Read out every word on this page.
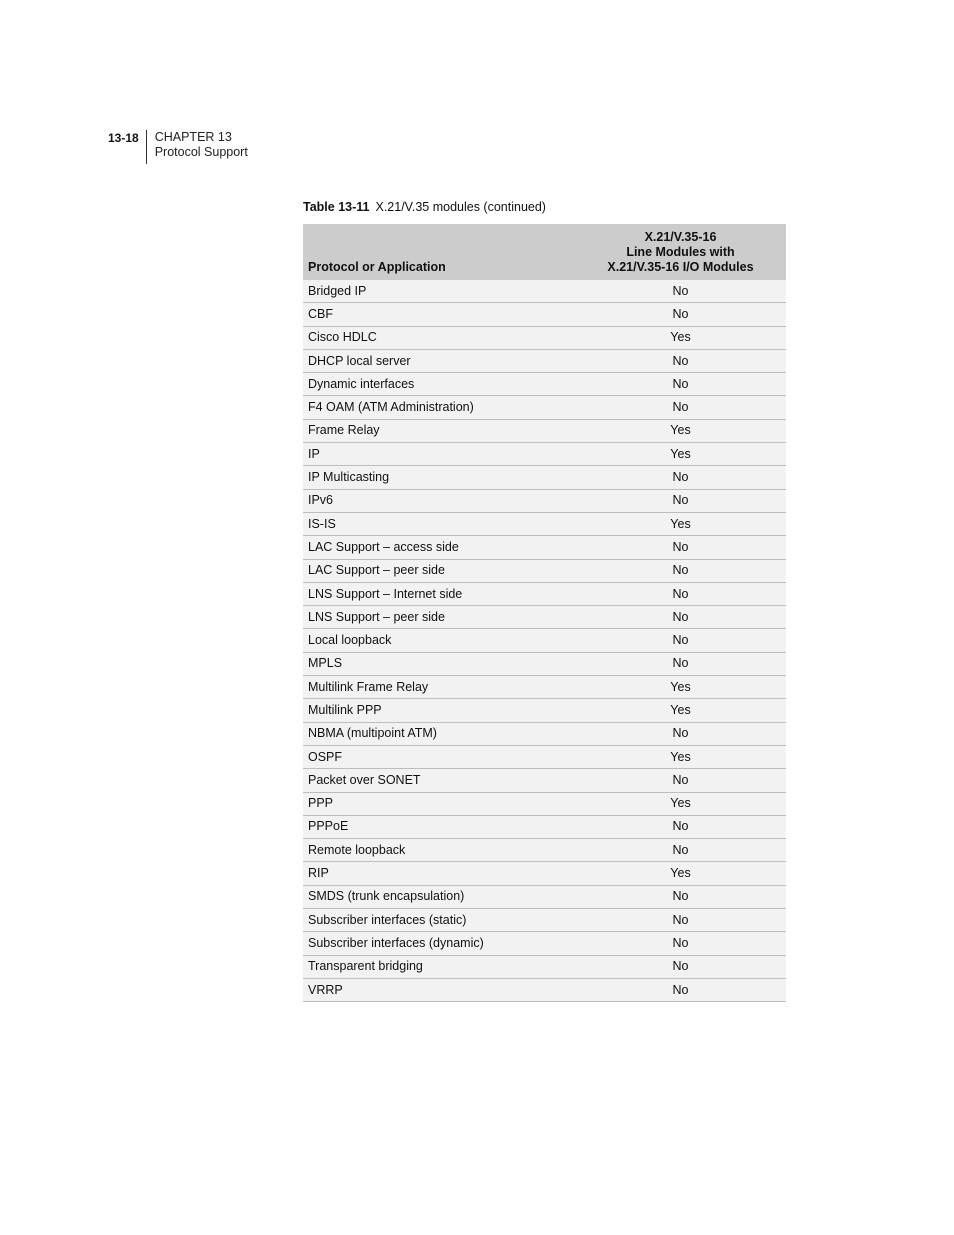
13-18	CHAPTER 13
Protocol Support
Table 13-11 X.21/V.35 modules (continued)
Protocol or Application	X.21/V.35-16
Line Modules with
X.21/V.35-16 I/O Modules

Bridged IP	No
CBF	No
Cisco HDLC	Yes
DHCP local server	No
Dynamic interfaces	No
F4 OAM (ATM Administration)	No
Frame Relay	Yes
IP	Yes
IP Multicasting	No
IPv6	No
IS-IS	Yes
LAC Support – access side	No
LAC Support – peer side	No
LNS Support – Internet side	No
LNS Support – peer side	No
Local loopback	No
MPLS	No
Multilink Frame Relay	Yes
Multilink PPP	Yes
NBMA (multipoint ATM)	No
OSPF	Yes
Packet over SONET	No
PPP	Yes
PPPoE	No
Remote loopback	No
RIP	Yes
SMDS (trunk encapsulation)	No
Subscriber interfaces (static)	No
Subscriber interfaces (dynamic)	No
Transparent bridging	No
VRRP	No
